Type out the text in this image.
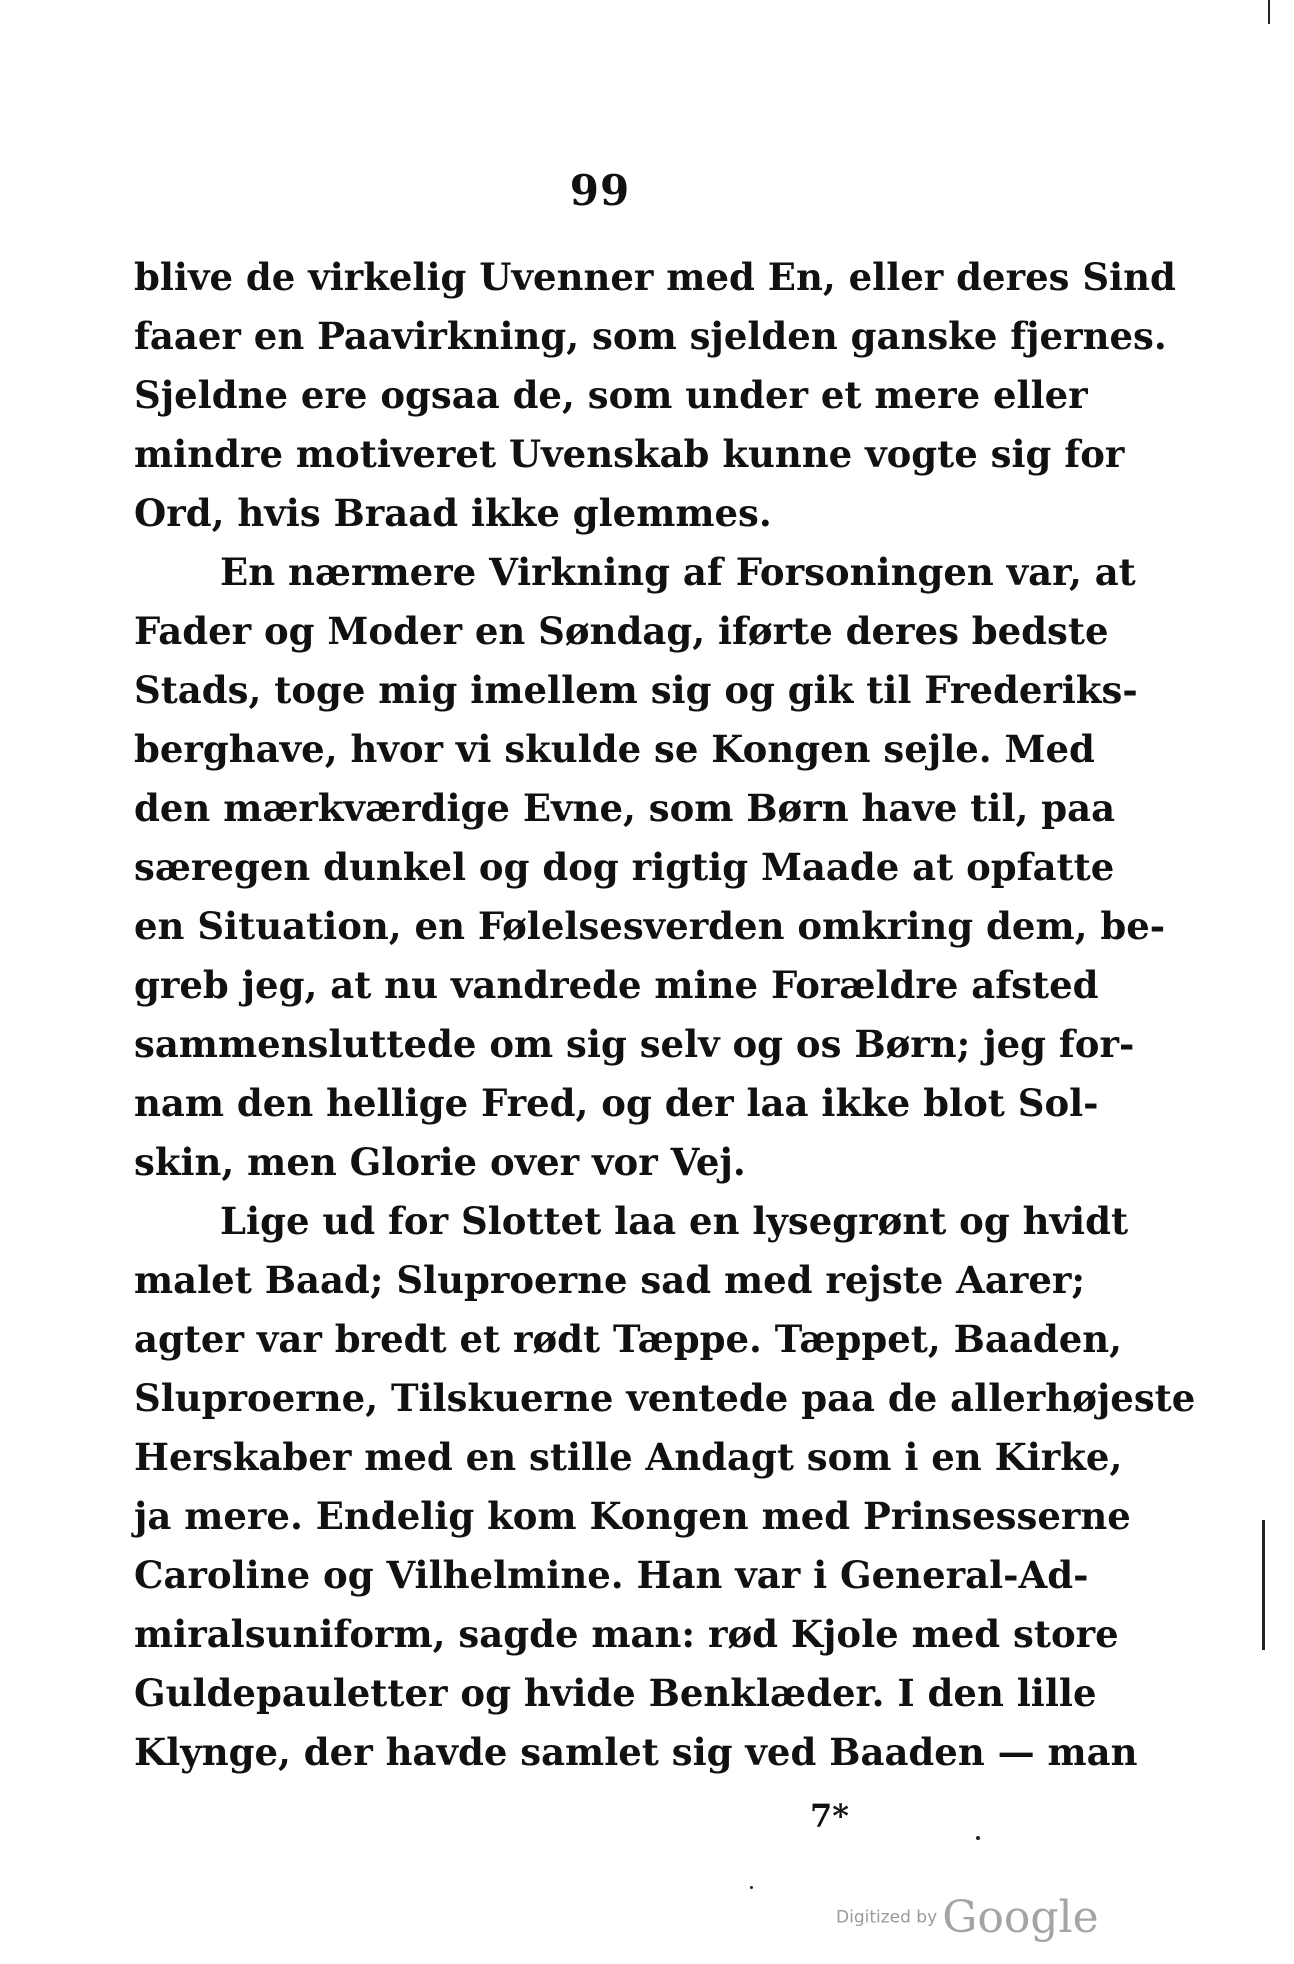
99
blive de virkelig Uvenner med En, eller deres Sind
faaer en Paavirkning, som sjelden ganske fjernes.
Sjeldne ere ogsaa de, som under et mere eller
mindre motiveret Uvenskab kunne vogte sig for
Ord, hvis Braad ikke glemmes.
En nærmere Virkning af Forsoningen var, at
Fader og Moder en Søndag, iførte deres bedste
Stads, toge mig imellem sig og gik til Frederiks-
berghave, hvor vi skulde se Kongen sejle. Med
den mærkværdige Evne, som Børn have til, paa
særegen dunkel og dog rigtig Maade at opfatte
en Situation, en Følelsesverden omkring dem, be-
greb jeg, at nu vandrede mine Forældre afsted
sammensluttede om sig selv og os Børn; jeg for-
nam den hellige Fred, og der laa ikke blot Sol-
skin, men Glorie over vor Vej.
Lige ud for Slottet laa en lysegrønt og hvidt
malet Baad; Sluproerne sad med rejste Aarer;
agter var bredt et rødt Tæppe. Tæppet, Baaden,
Sluproerne, Tilskuerne ventede paa de allerhøjeste
Herskaber med en stille Andagt som i en Kirke,
ja mere. Endelig kom Kongen med Prinsesserne
Caroline og Vilhelmine. Han var i General-Ad-
miralsuniform, sagde man: rød Kjole med store
Guldepauletter og hvide Benklæder. I den lille
Klynge, der havde samlet sig ved Baaden — man
7*
Digitized by Google
